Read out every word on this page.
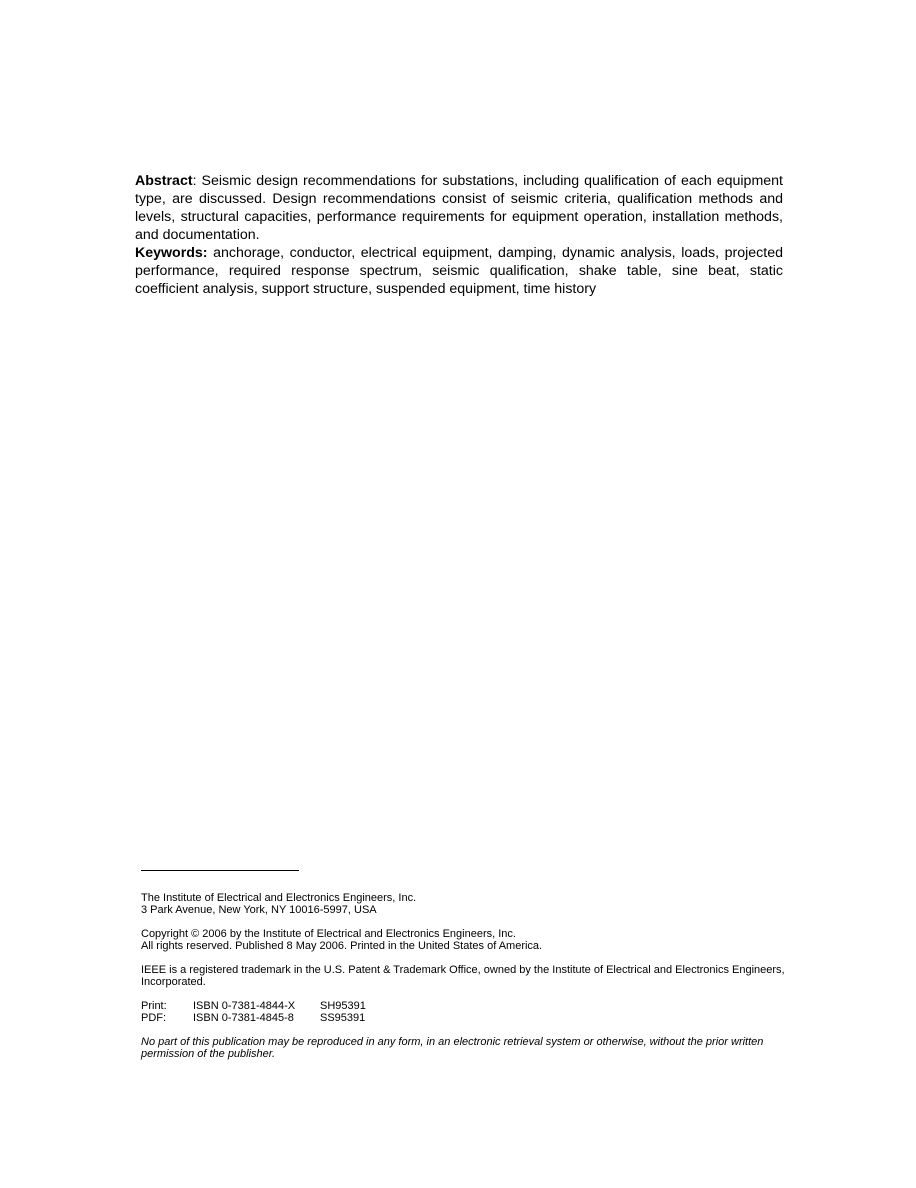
Abstract: Seismic design recommendations for substations, including qualification of each equipment type, are discussed. Design recommendations consist of seismic criteria, qualification methods and levels, structural capacities, performance requirements for equipment operation, installation methods, and documentation.

Keywords: anchorage, conductor, electrical equipment, damping, dynamic analysis, loads, projected performance, required response spectrum, seismic qualification, shake table, sine beat, static coefficient analysis, support structure, suspended equipment, time history

The Institute of Electrical and Electronics Engineers, Inc.
3 Park Avenue, New York, NY 10016-5997, USA

Copyright © 2006 by the Institute of Electrical and Electronics Engineers, Inc.
All rights reserved. Published 8 May 2006. Printed in the United States of America.

IEEE is a registered trademark in the U.S. Patent & Trademark Office, owned by the Institute of Electrical and Electronics Engineers, Incorporated.

Print: ISBN 0-7381-4844-X SH95391
PDF: ISBN 0-7381-4845-8 SS95391

No part of this publication may be reproduced in any form, in an electronic retrieval system or otherwise, without the prior written permission of the publisher.
